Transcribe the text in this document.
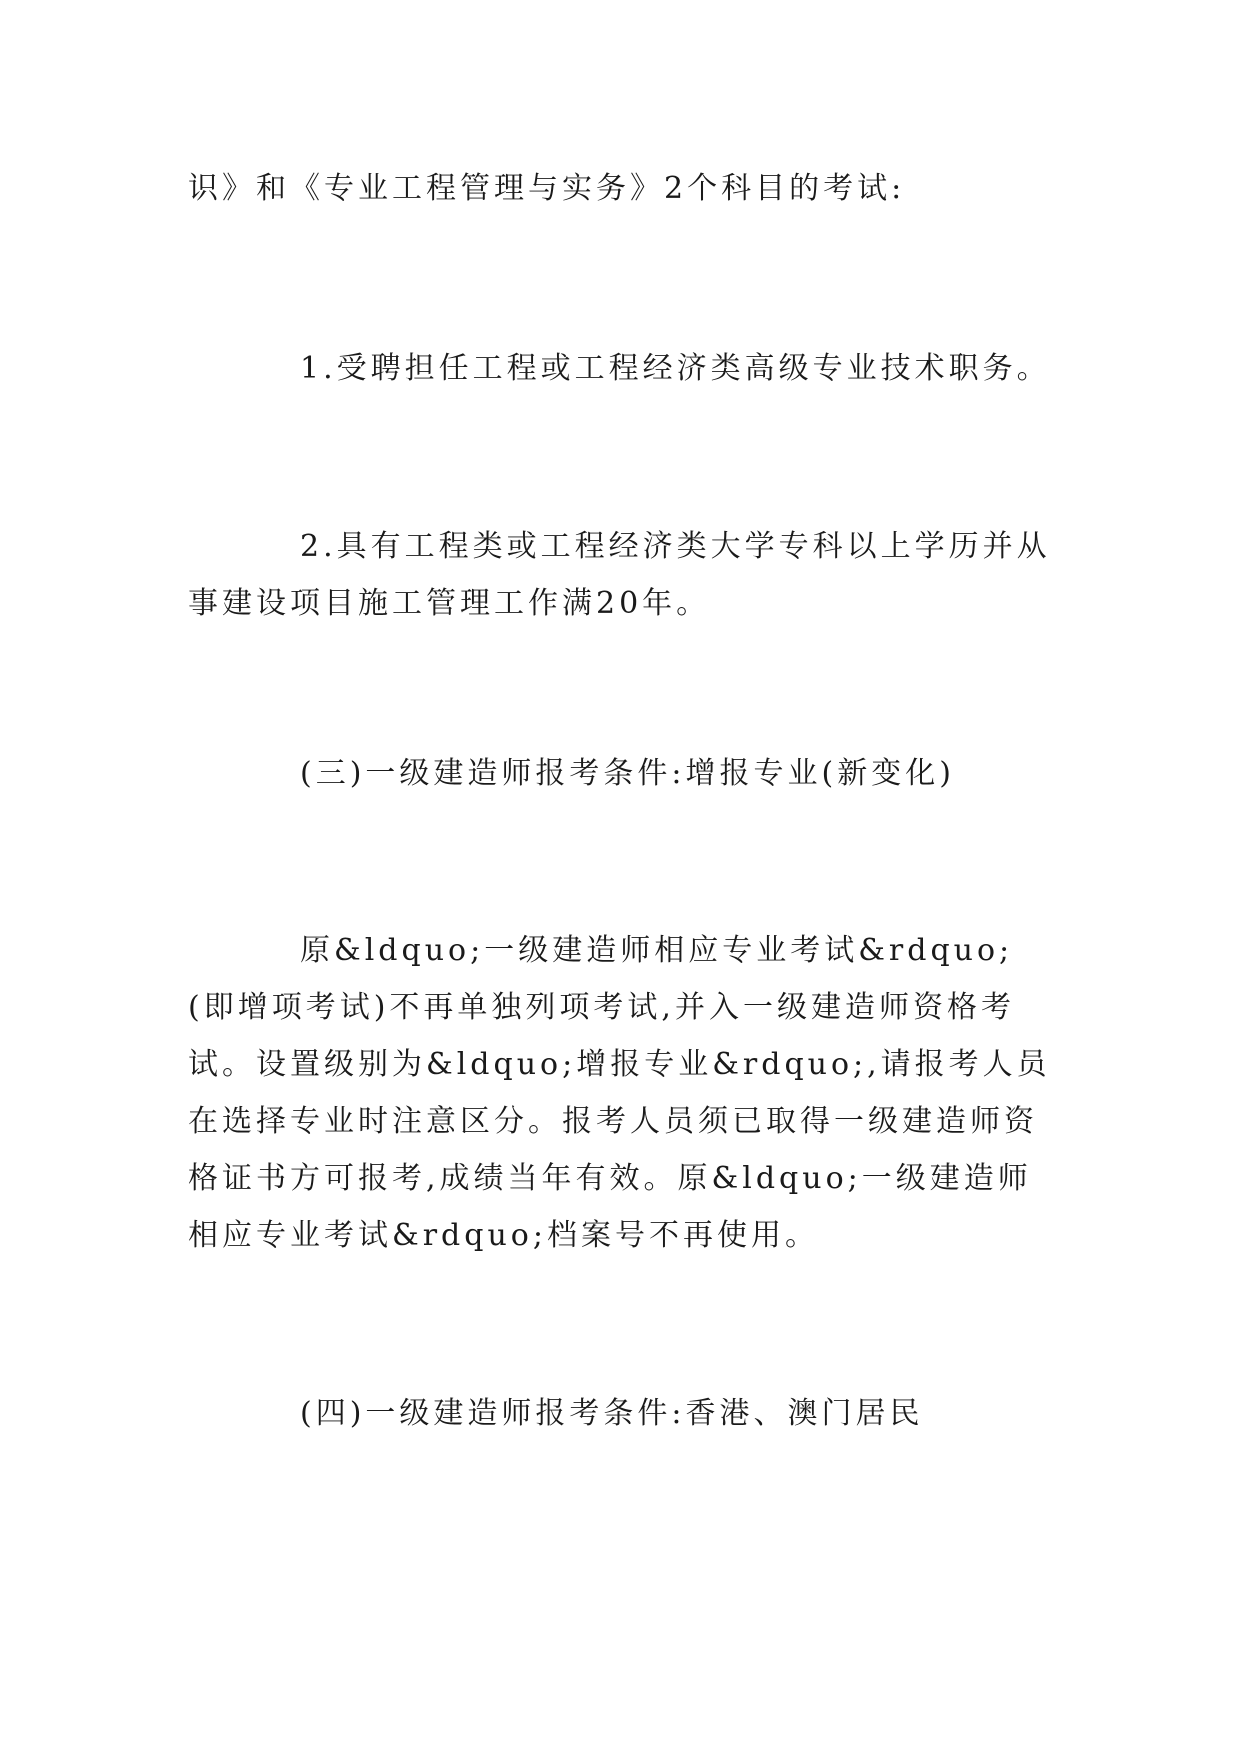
识》和《专业工程管理与实务》2个科目的考试:

1.受聘担任工程或工程经济类高级专业技术职务。

2.具有工程类或工程经济类大学专科以上学历并从事建设项目施工管理工作满20年。

(三)一级建造师报考条件:增报专业(新变化)

原&ldquo;一级建造师相应专业考试&rdquo;(即增项考试)不再单独列项考试,并入一级建造师资格考试。设置级别为&ldquo;增报专业&rdquo;,请报考人员在选择专业时注意区分。报考人员须已取得一级建造师资格证书方可报考,成绩当年有效。原&ldquo;一级建造师相应专业考试&rdquo;档案号不再使用。

(四)一级建造师报考条件:香港、澳门居民
